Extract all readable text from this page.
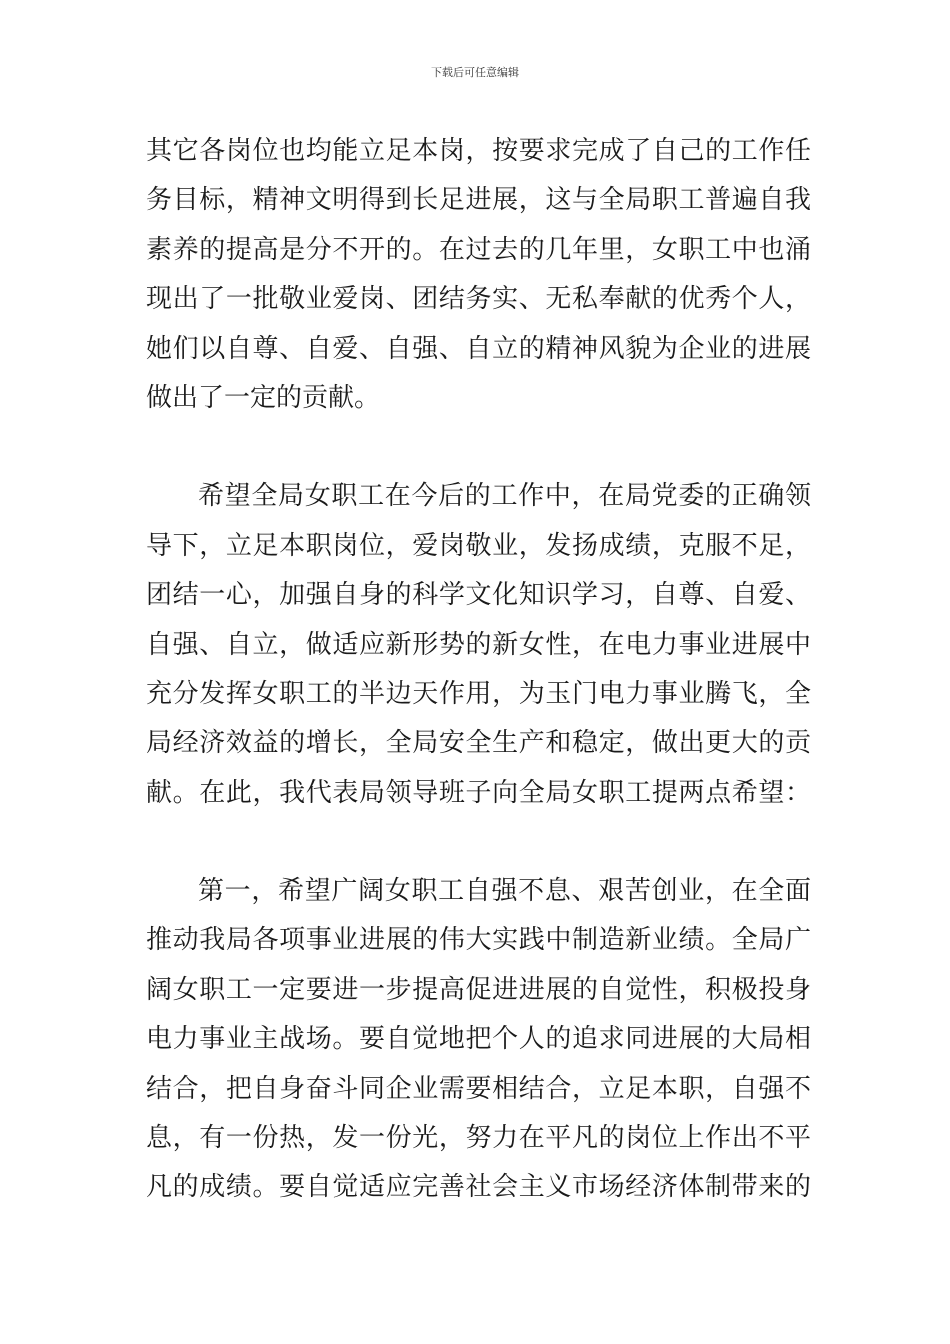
下载后可任意编辑
其它各岗位也均能立足本岗，按要求完成了自己的工作任
务目标，精神文明得到长足进展，这与全局职工普遍自我
素养的提高是分不开的。在过去的几年里，女职工中也涌
现出了一批敬业爱岗、团结务实、无私奉献的优秀个人，
她们以自尊、自爱、自强、自立的精神风貌为企业的进展
做出了一定的贡献。
希望全局女职工在今后的工作中，在局党委的正确领
导下，立足本职岗位，爱岗敬业，发扬成绩，克服不足，
团结一心，加强自身的科学文化知识学习，自尊、自爱、
自强、自立，做适应新形势的新女性，在电力事业进展中
充分发挥女职工的半边天作用，为玉门电力事业腾飞，全
局经济效益的增长，全局安全生产和稳定，做出更大的贡
献。在此，我代表局领导班子向全局女职工提两点希望：
第一，希望广阔女职工自强不息、艰苦创业，在全面
推动我局各项事业进展的伟大实践中制造新业绩。全局广
阔女职工一定要进一步提高促进进展的自觉性，积极投身
电力事业主战场。要自觉地把个人的追求同进展的大局相
结合，把自身奋斗同企业需要相结合，立足本职，自强不
息，有一份热，发一份光，努力在平凡的岗位上作出不平
凡的成绩。要自觉适应完善社会主义市场经济体制带来的
